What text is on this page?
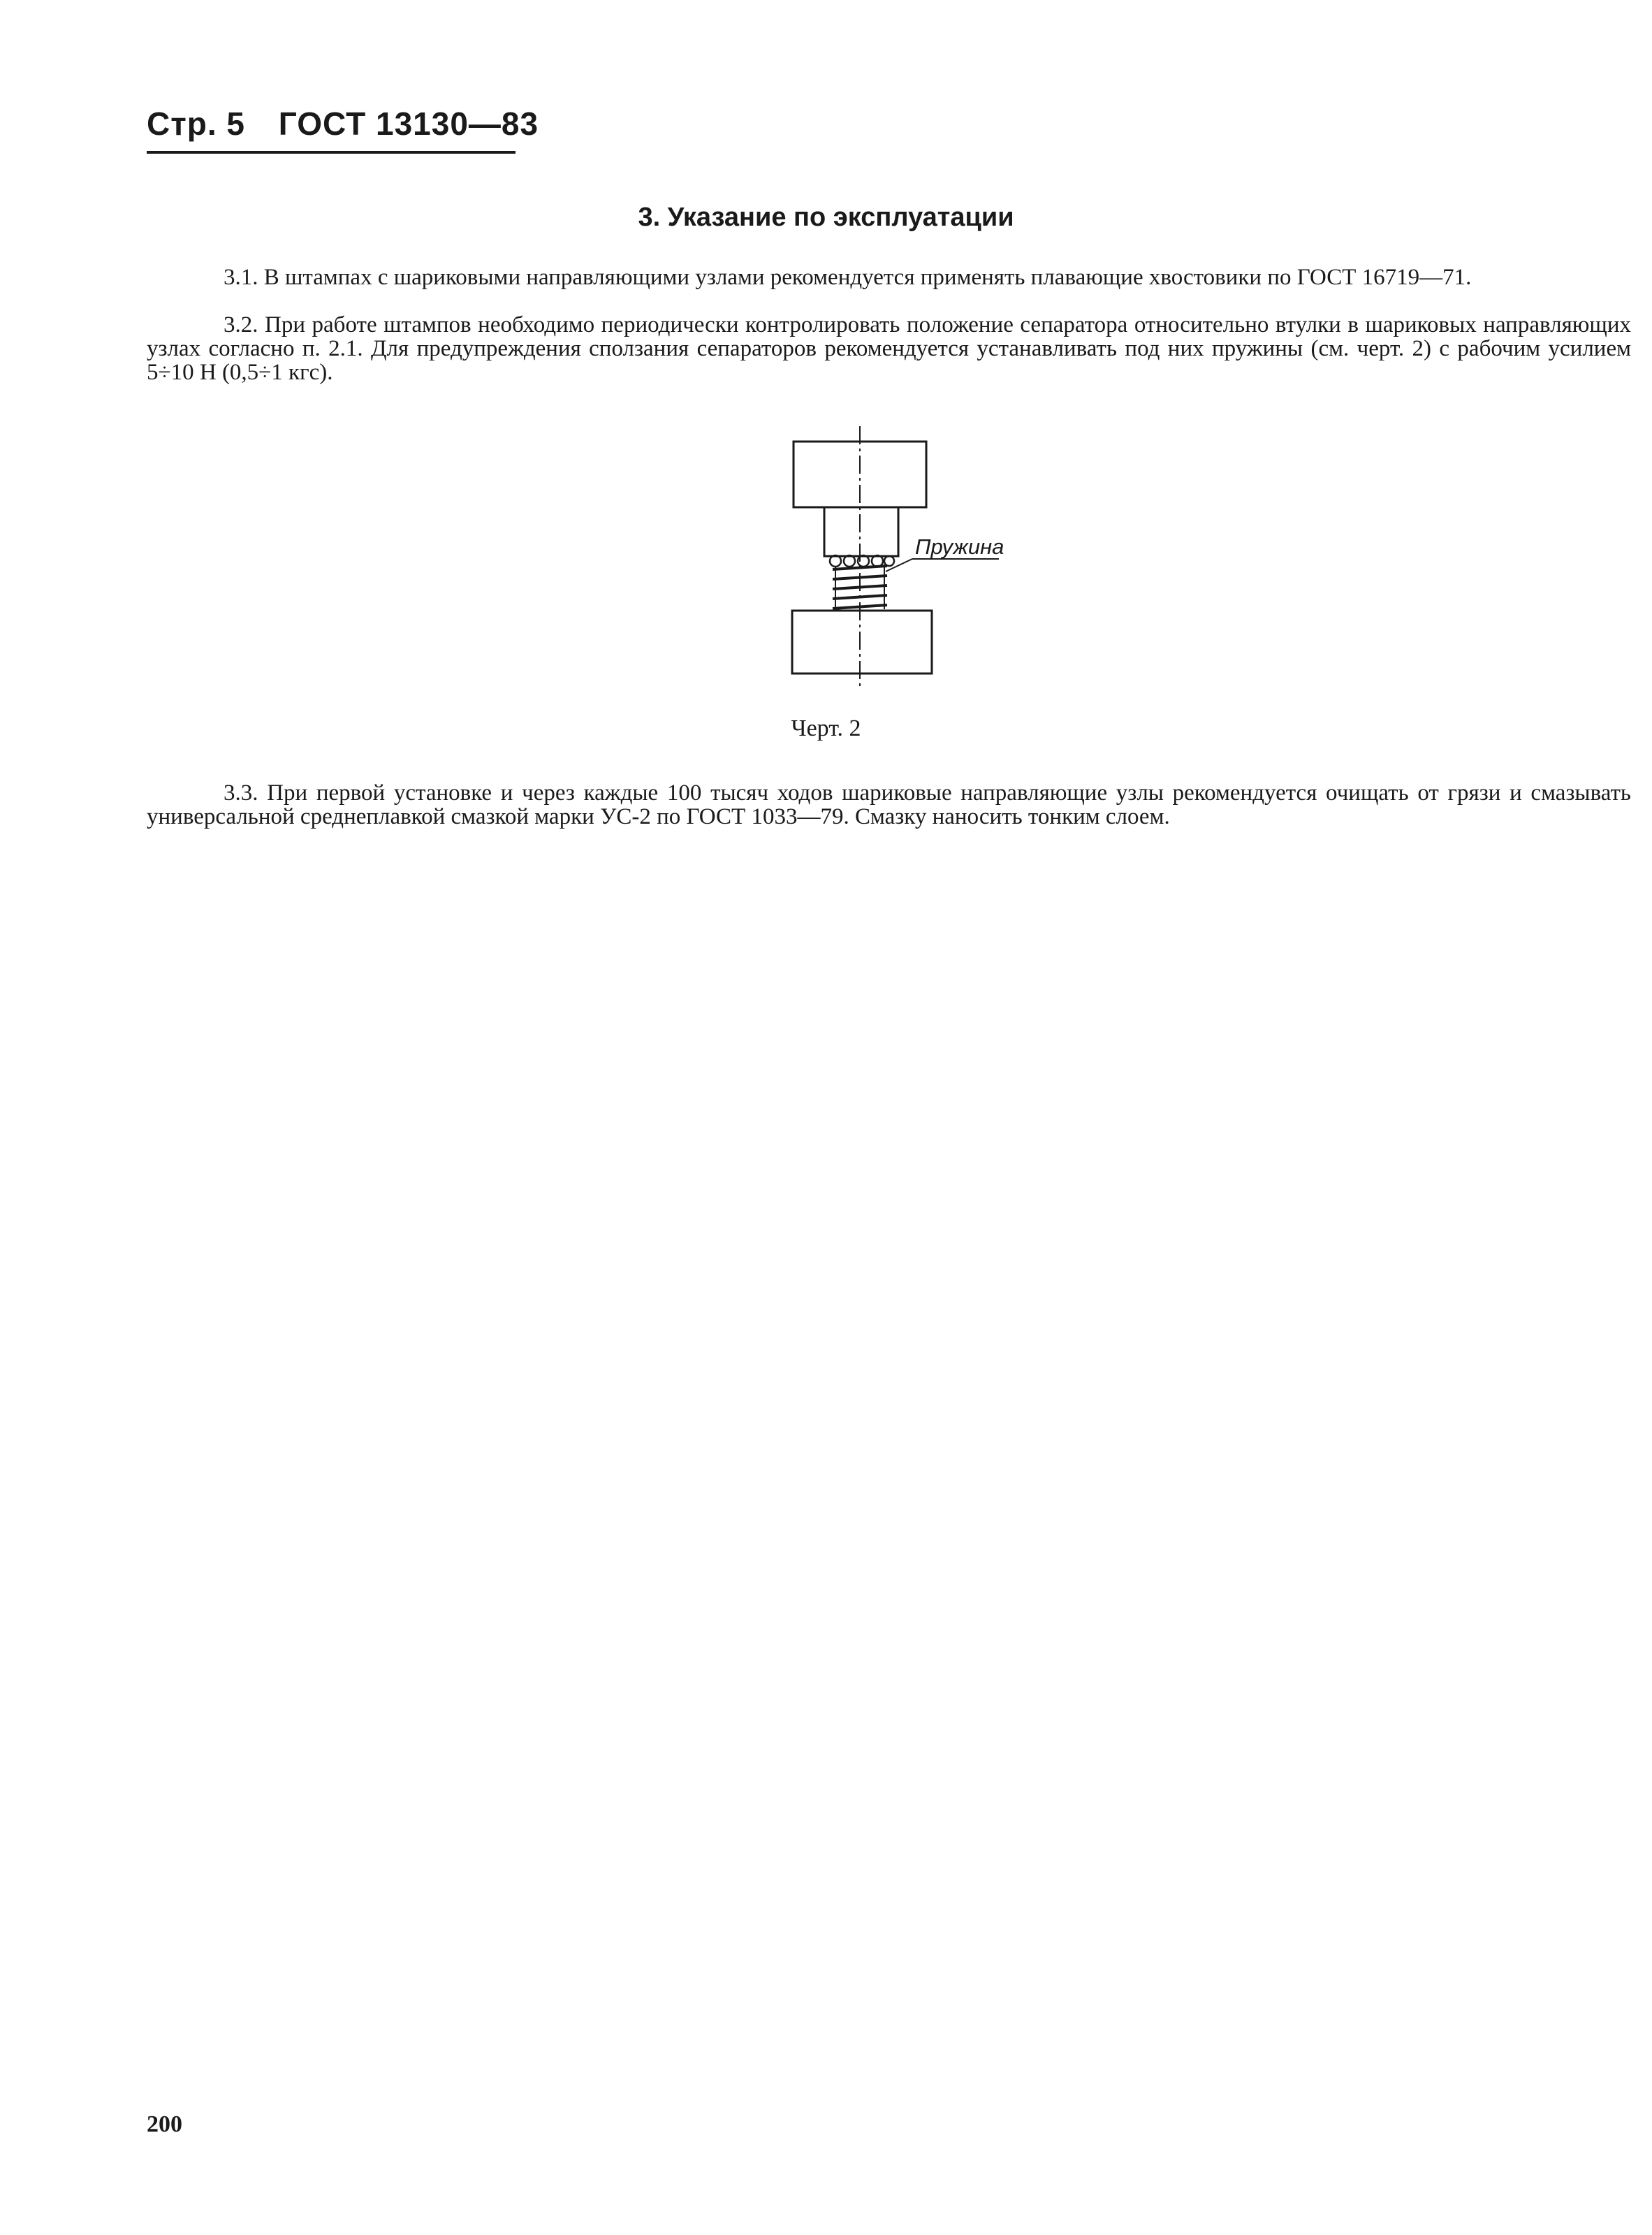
Стр. 5 ГОСТ 13130—83
3. Указание по эксплуатации
3.1. В штампах с шариковыми направляющими узлами рекомендуется применять плавающие хвостовики по ГОСТ 16719—71.
3.2. При работе штампов необходимо периодически контролировать положение сепаратора относительно втулки в шариковых направляющих узлах согласно п. 2.1. Для предупреждения сползания сепараторов рекомендуется устанавливать под них пружины (см. черт. 2) с рабочим усилием 5÷10 Н (0,5÷1 кгс).
Пружина
Черт. 2
3.3. При первой установке и через каждые 100 тысяч ходов шариковые направляющие узлы рекомендуется очищать от грязи и смазывать универсальной среднеплавкой смазкой марки УС-2 по ГОСТ 1033—79. Смазку наносить тонким слоем.
200
